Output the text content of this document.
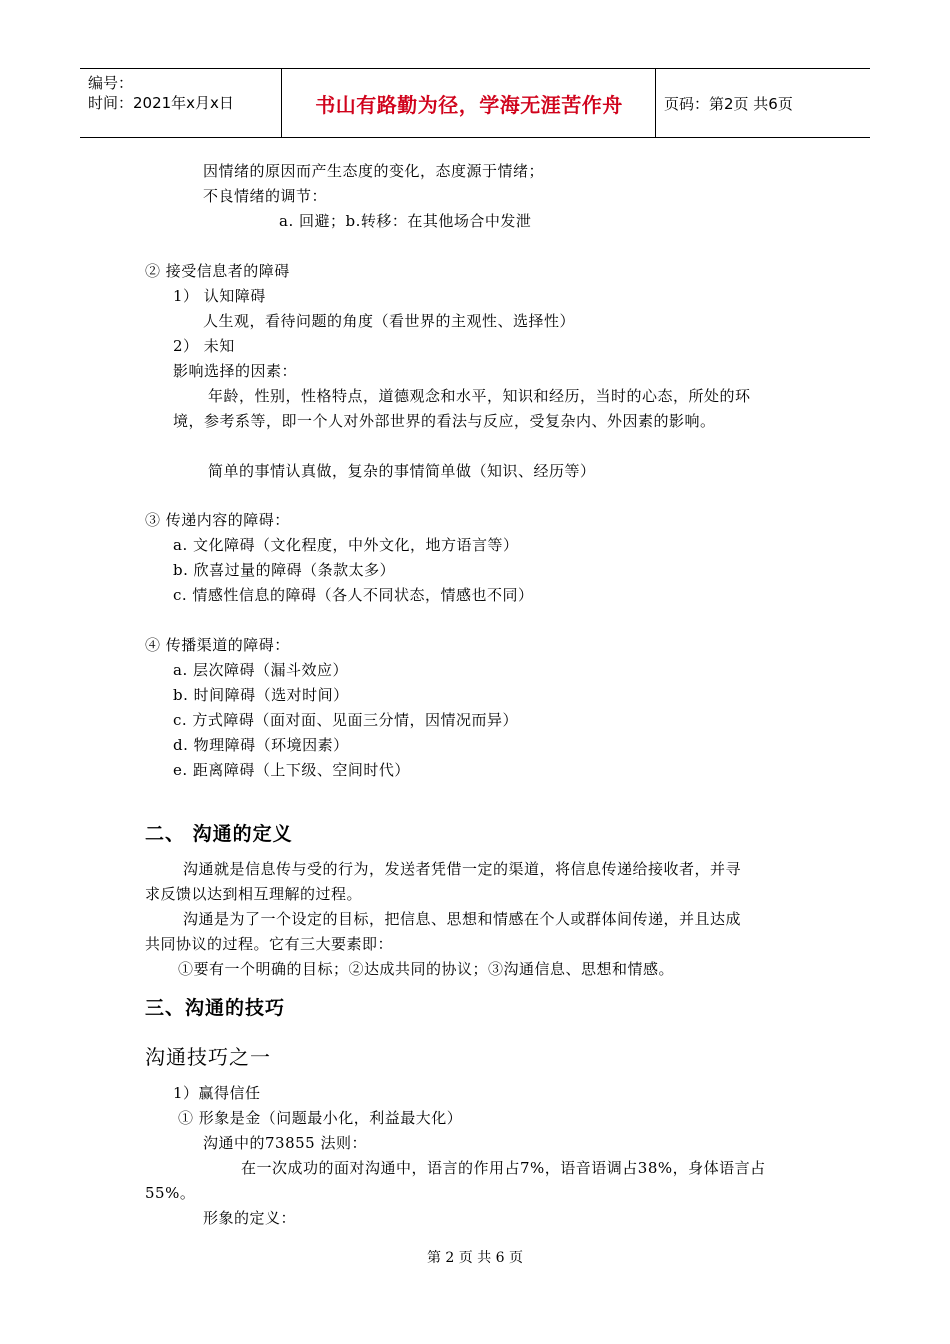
编号：
时间：2021年x月x日	书山有路勤为径，学海无涯苦作舟	页码：第2页 共6页
因情绪的原因而产生态度的变化，态度源于情绪；
不良情绪的调节：
a. 回避；b.转移：在其他场合中发泄
② 接受信息者的障碍
1） 认知障碍
人生观，看待问题的角度（看世界的主观性、选择性）
2） 未知
影响选择的因素：
年龄，性别，性格特点，道德观念和水平，知识和经历，当时的心态，所处的环
境，参考系等，即一个人对外部世界的看法与反应，受复杂内、外因素的影响。
简单的事情认真做，复杂的事情简单做（知识、经历等）
③ 传递内容的障碍：
a. 文化障碍（文化程度，中外文化，地方语言等）
b. 欣喜过量的障碍（条款太多）
c. 情感性信息的障碍（各人不同状态，情感也不同）
④ 传播渠道的障碍：
a. 层次障碍（漏斗效应）
b. 时间障碍（选对时间）
c. 方式障碍（面对面、见面三分情，因情况而异）
d. 物理障碍（环境因素）
e. 距离障碍（上下级、空间时代）
二、 沟通的定义
沟通就是信息传与受的行为，发送者凭借一定的渠道，将信息传递给接收者，并寻
求反馈以达到相互理解的过程。
沟通是为了一个设定的目标，把信息、思想和情感在个人或群体间传递，并且达成
共同协议的过程。它有三大要素即：
①要有一个明确的目标；②达成共同的协议；③沟通信息、思想和情感。
三、沟通的技巧
沟通技巧之一
1）赢得信任
① 形象是金（问题最小化，利益最大化）
沟通中的73855 法则：
在一次成功的面对沟通中，语言的作用占7%，语音语调占38%，身体语言占
55%。
形象的定义：
第 2 页 共 6 页
